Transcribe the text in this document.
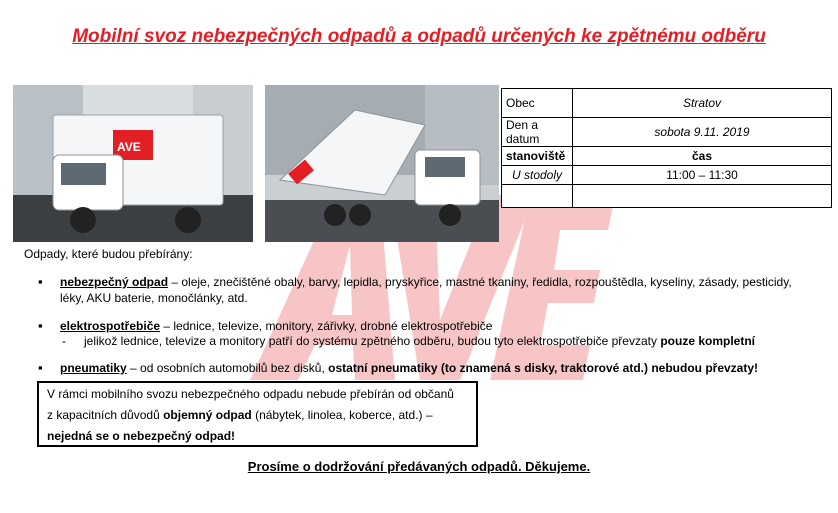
Mobilní svoz nebezpečných odpadů a odpadů určených ke zpětnému odběru
AVE
Obec	Stratov
Den a datum	sobota 9.11. 2019
stanoviště	čas
U stodoly	11:00 – 11:30

Odpady, které budou přebírány:
▪ nebezpečný odpad – oleje, znečištěné obaly, barvy, lepidla, pryskyřice, mastné tkaniny, ředidla, rozpouštědla, kyseliny, zásady, pesticidy,
léky, AKU baterie, monočlánky, atd.
▪ elektrospotřebiče – lednice, televize, monitory, zářivky, drobné elektrospotřebiče
- jelikož lednice, televize a monitory patří do systému zpětného odběru, budou tyto elektrospotřebiče převzaty pouze kompletní
▪ pneumatiky – od osobních automobilů bez disků, ostatní pneumatiky (to znamená s disky, traktorové atd.) nebudou převzaty!
V rámci mobilního svozu nebezpečného odpadu nebude přebírán od občanů
z kapacitních důvodů objemný odpad (nábytek, linolea, koberce, atd.) –
nejedná se o nebezpečný odpad!
Prosíme o dodržování předávaných odpadů. Děkujeme.
